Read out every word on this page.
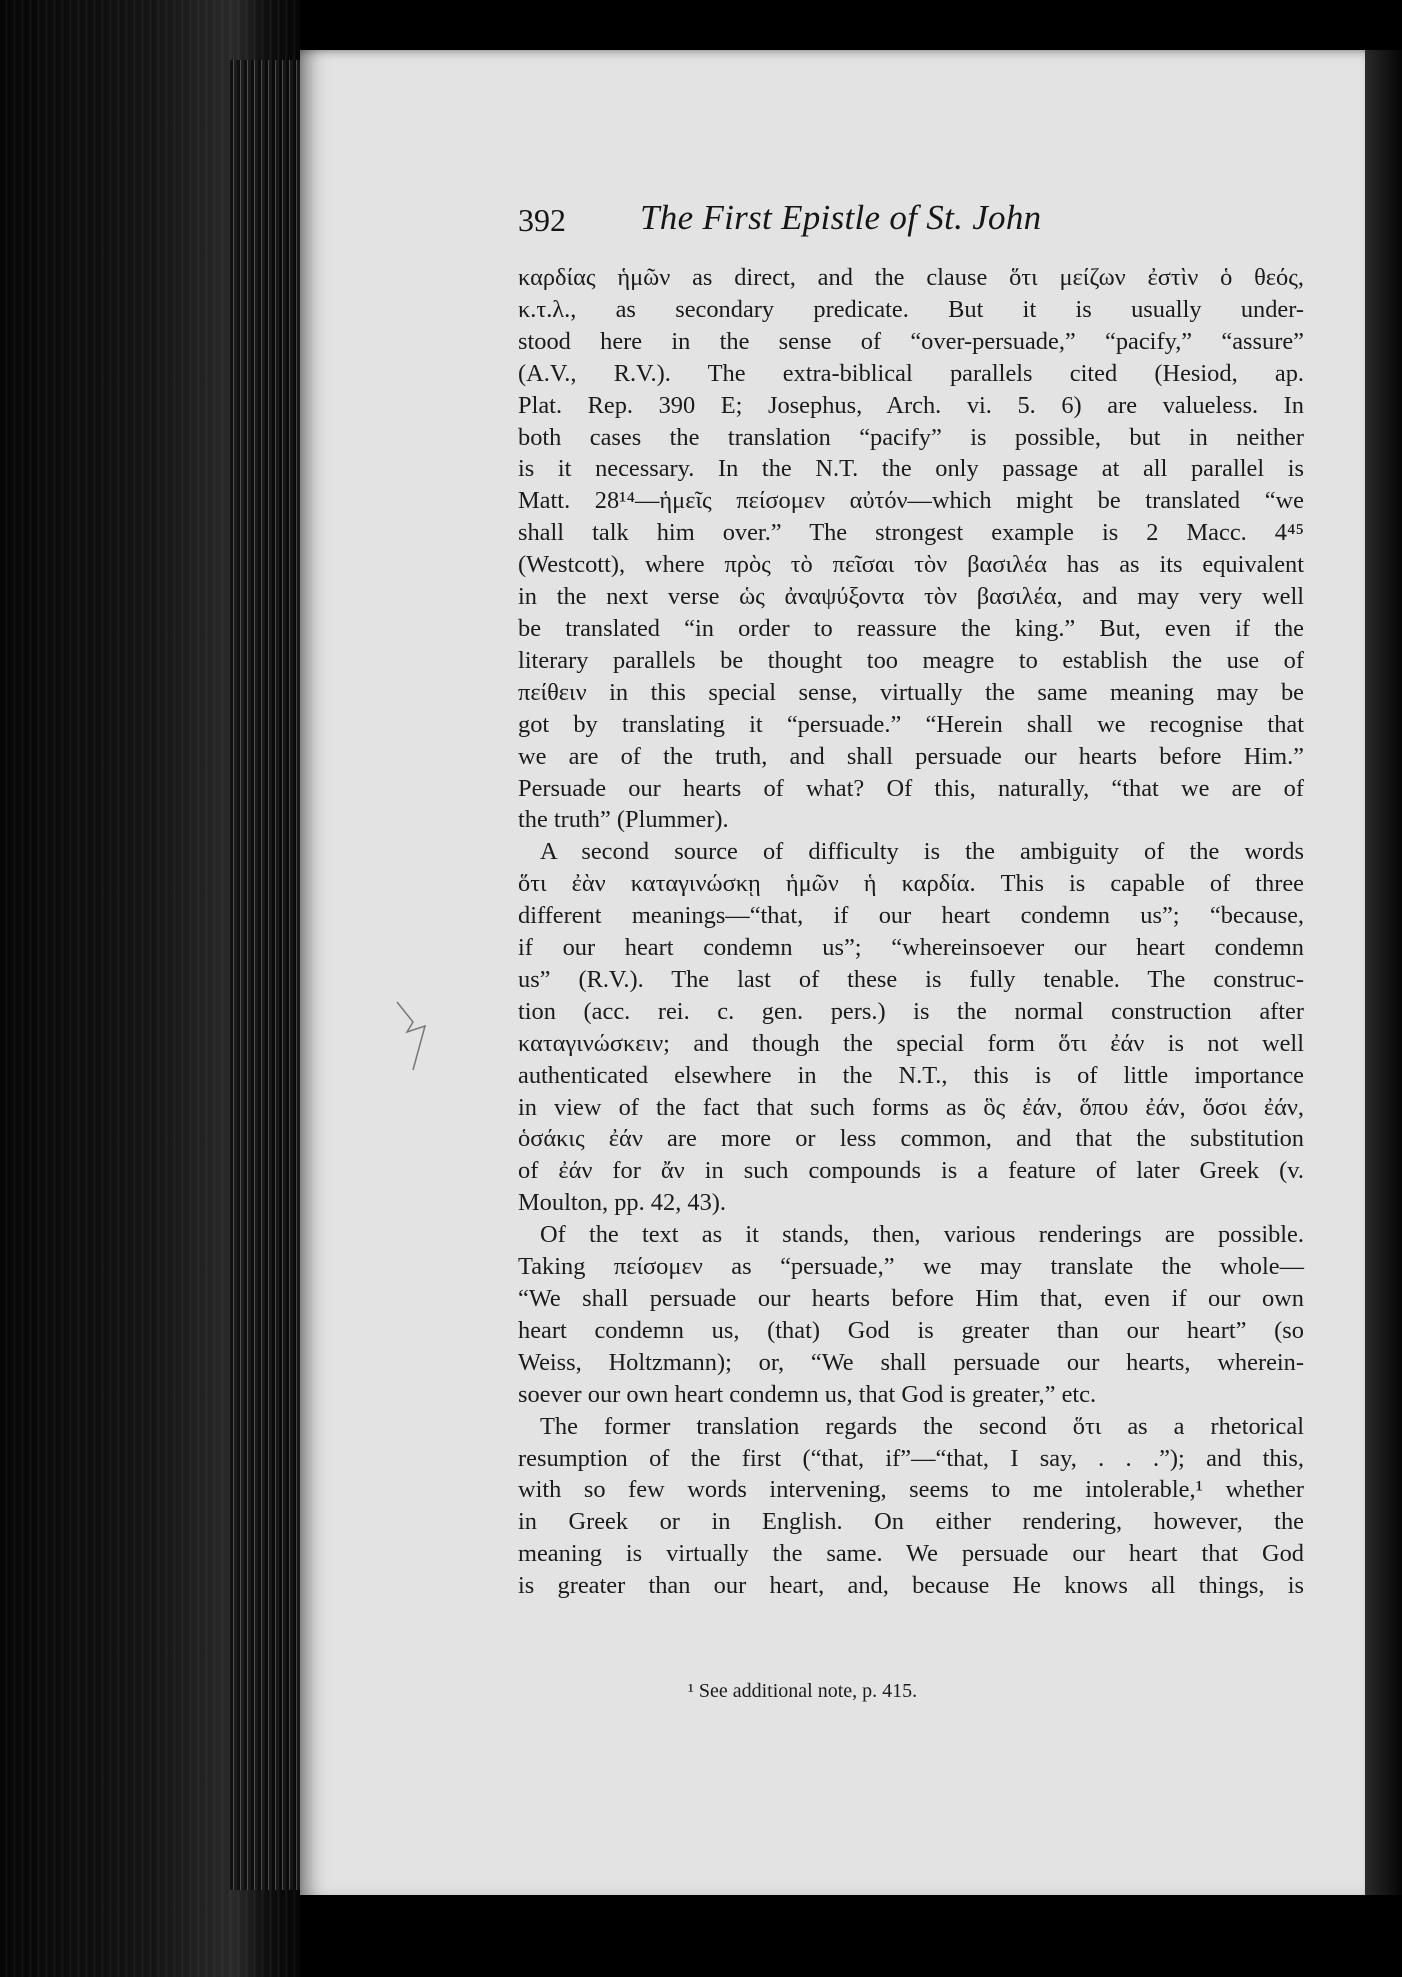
392 The First Epistle of St. John

καρδίας ἡμῶν as direct, and the clause ὅτι μείζων ἐστὶν ὁ θεός,
κ.τ.λ., as secondary predicate. But it is usually under-
stood here in the sense of “over-persuade,” “pacify,” “assure”
(A.V., R.V.). The extra-biblical parallels cited (Hesiod, ap.
Plat. Rep. 390 E; Josephus, Arch. vi. 5. 6) are valueless. In
both cases the translation “pacify” is possible, but in neither
is it necessary. In the N.T. the only passage at all parallel is
Matt. 28¹⁴—ἡμεῖς πείσομεν αὐτόν—which might be translated “we
shall talk him over.” The strongest example is 2 Macc. 4⁴⁵
(Westcott), where πρὸς τὸ πεῖσαι τὸν βασιλέα has as its equivalent
in the next verse ὡς ἀναψύξοντα τὸν βασιλέα, and may very well
be translated “in order to reassure the king.” But, even if the
literary parallels be thought too meagre to establish the use of
πείθειν in this special sense, virtually the same meaning may be
got by translating it “persuade.” “Herein shall we recognise that
we are of the truth, and shall persuade our hearts before Him.”
Persuade our hearts of what? Of this, naturally, “that we are of
the truth” (Plummer).

A second source of difficulty is the ambiguity of the words
ὅτι ἐὰν καταγινώσκῃ ἡμῶν ἡ καρδία. This is capable of three
different meanings—“that, if our heart condemn us”; “because,
if our heart condemn us”; “whereinsoever our heart condemn
us” (R.V.). The last of these is fully tenable. The construc-
tion (acc. rei. c. gen. pers.) is the normal construction after
καταγινώσκειν; and though the special form ὅτι ἐάν is not well
authenticated elsewhere in the N.T., this is of little importance
in view of the fact that such forms as ὃς ἐάν, ὅπου ἐάν, ὅσοι ἐάν,
ὁσάκις ἐάν are more or less common, and that the substitution
of ἐάν for ἄν in such compounds is a feature of later Greek (v.
Moulton, pp. 42, 43).

Of the text as it stands, then, various renderings are possible.
Taking πείσομεν as “persuade,” we may translate the whole—
“We shall persuade our hearts before Him that, even if our own
heart condemn us, (that) God is greater than our heart” (so
Weiss, Holtzmann); or, “We shall persuade our hearts, wherein-
soever our own heart condemn us, that God is greater,” etc.

The former translation regards the second ὅτι as a rhetorical
resumption of the first (“that, if”—“that, I say, . . .”); and this,
with so few words intervening, seems to me intolerable,¹ whether
in Greek or in English. On either rendering, however, the
meaning is virtually the same. We persuade our heart that God
is greater than our heart, and, because He knows all things, is

¹ See additional note, p. 415.
